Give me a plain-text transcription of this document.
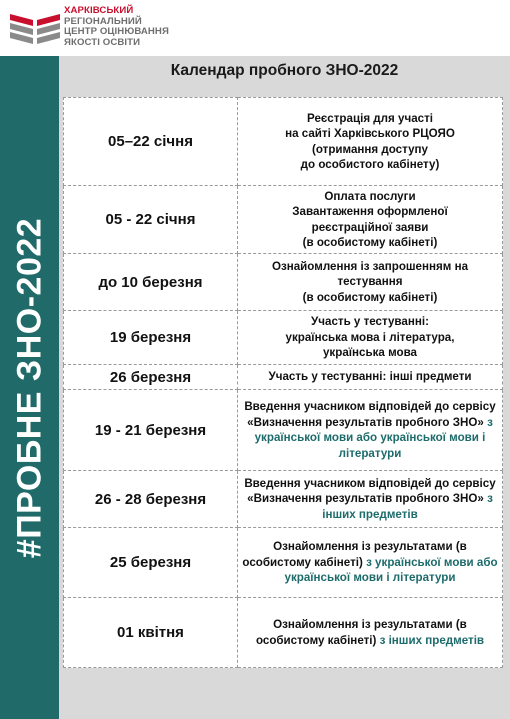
ХАРКІВСЬКИЙ
РЕГІОНАЛЬНИЙ
ЦЕНТР ОЦІНЮВАННЯ
ЯКОСТІ ОСВІТИ
#ПРОБНЕ ЗНО-2022
Календар пробного ЗНО-2022
05–22 січня	Реєстрація для участі
на сайті Харківського РЦОЯО
(отримання доступу
до особистого кабінету)

05 - 22 січня	Оплата послуги
Завантаження оформленої
реєстраційної заяви
(в особистому кабінеті)

до 10 березня	Ознайомлення із запрошенням на
тестування
(в особистому кабінеті)

19 березня	Участь у тестуванні:
українська мова і література,
українська мова

26 березня	Участь у тестуванні: інші предмети

19 - 21 березня	Введення учасником відповідей до сервісу «Визначення результатів пробного ЗНО» з української мови або української мови і літератури
26 - 28 березня	Введення учасником відповідей до сервісу «Визначення результатів пробного ЗНО» з інших предметів
25 березня	Ознайомлення із результатами (в особистому кабінеті) з української мови або української мови і літератури
01 квітня	Ознайомлення із результатами (в особистому кабінеті) з інших предметів
